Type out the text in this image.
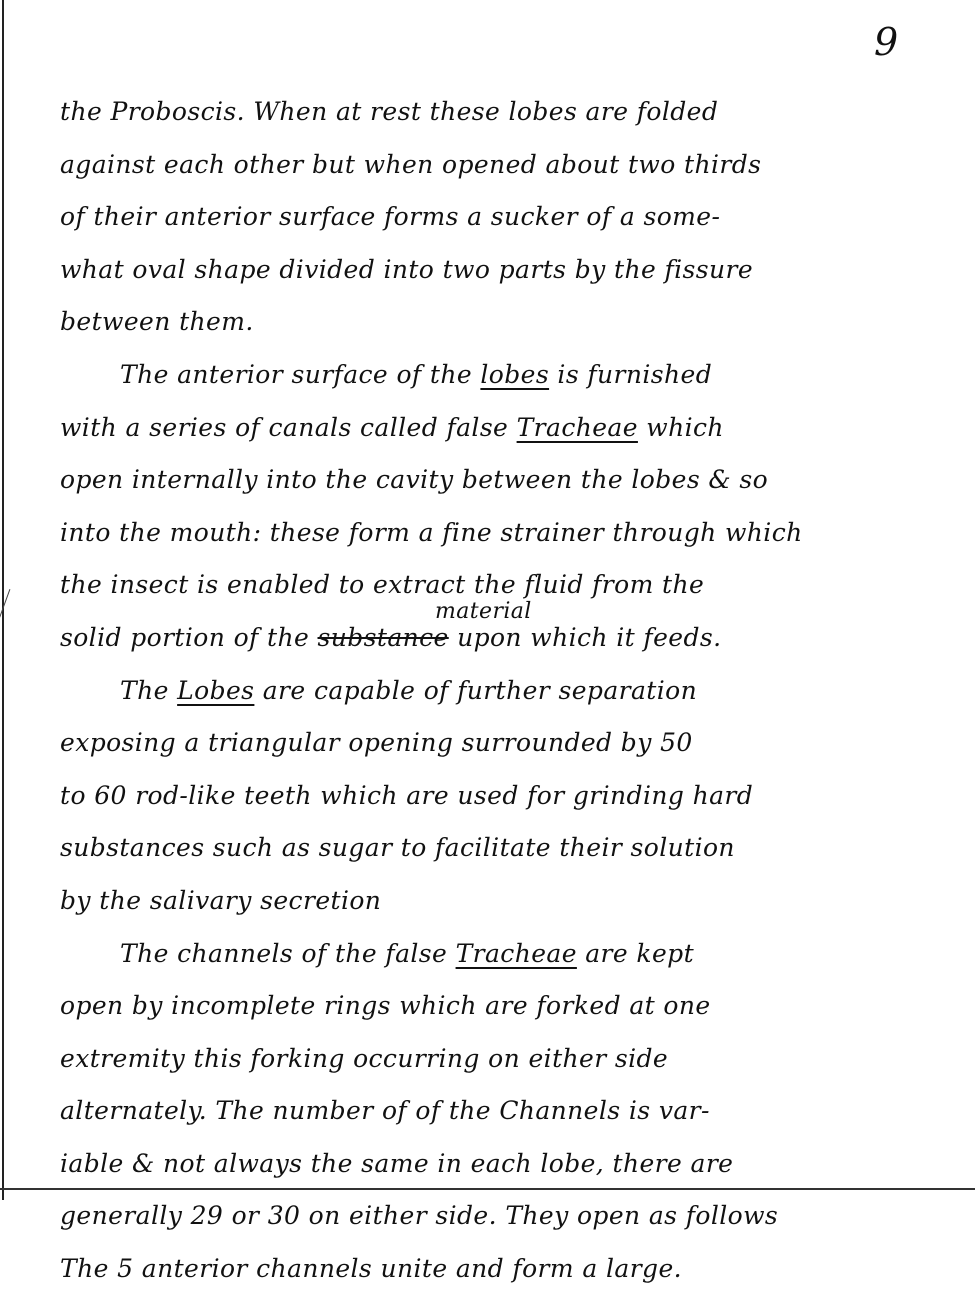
9
the Proboscis. When at rest these lobes are folded
against each other but when opened about two thirds
of their anterior surface forms a sucker of a some-
what oval shape divided into two parts by the fissure
between them.
The anterior surface of the lobes is furnished
with a series of canals called false Tracheae which
open internally into the cavity between the lobes & so
into the mouth: these form a fine strainer through which
the insect is enabled to extract the fluid from the
solid portion of the substance
material
upon which it feeds.
The Lobes are capable of further separation
exposing a triangular opening surrounded by 50
to 60 rod-like teeth which are used for grinding hard
substances such as sugar to facilitate their solution
by the salivary secretion
The channels of the false Tracheae are kept
open by incomplete rings which are forked at one
extremity this forking occurring on either side
alternately. The number of of the Channels is var-
iable & not always the same in each lobe, there are
generally 29 or 30 on either side. They open as follows
The 5 anterior channels unite and form a large.
